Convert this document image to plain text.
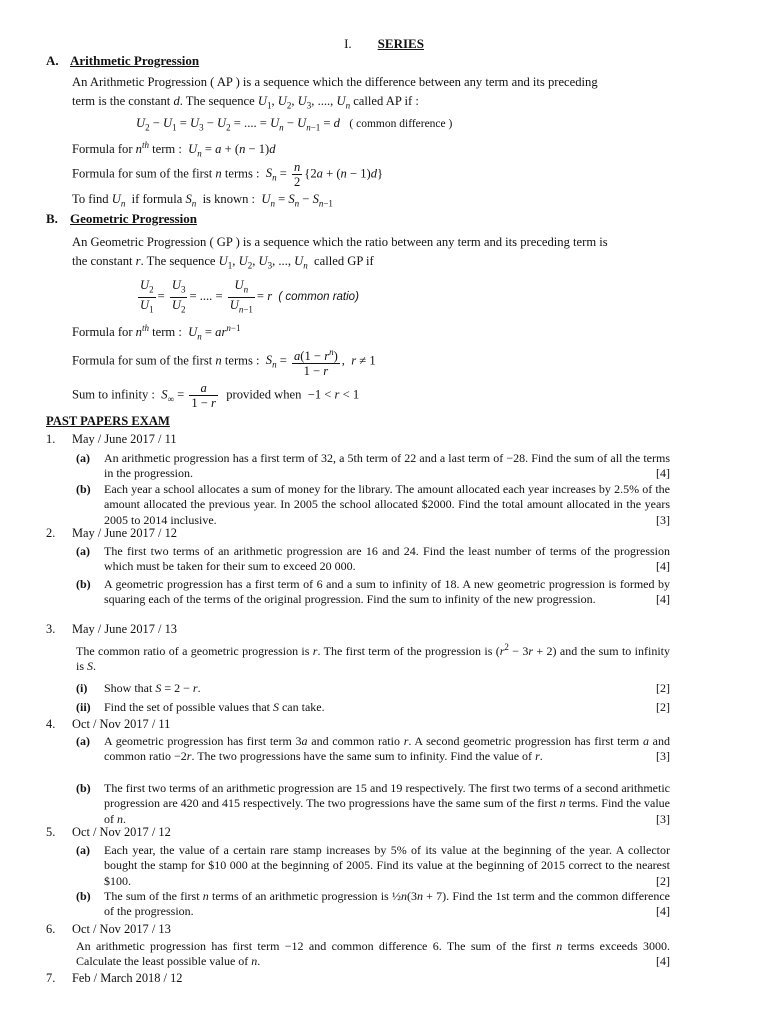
I. SERIES
A. Arithmetic Progression
An Arithmetic Progression ( AP ) is a sequence which the difference between any term and its preceding
term is the constant d. The sequence $U_1$, $U_2$, $U_3$, ...., $U_n$ called AP if :
$U_2 - U_1 = U_3 - U_2$ = .... = $U_n - U_{n-1} = d$ ( common difference )
Formula for $n^{th}$ term :  $U_n = a + (n - 1)d$
Formula for sum of the first n terms :  $S_n = \frac{n}{2} \{2a + (n - 1)d\}$
To find $U_n$  if formula $S_n$  is known :  $U_n = S_n - S_{n-1}$
B. Geometric Progression
An Geometric Progression ( GP ) is a sequence which the ratio between any term and its preceding term is
the constant r. The sequence $U_1$, $U_2$, $U_3$, ..., $U_n$  called GP if
$\frac{U_2}{U_1} = \frac{U_3}{U_2}$ = .... = $\frac{U_n}{U_{n-1}} = r$ ( common ratio)
Formula for $n^{th}$ term :  $U_n = ar^{n-1}$
Formula for sum of the first n terms :  $S_n = \frac{a(1 - r^n)}{1 - r}$ ,  r ≠ 1
Sum to infinity :  $S_\infty = \frac{a}{1 - r}$ provided when  −1 < r < 1
PAST PAPERS EXAM
1. May / June 2017 / 11
(a) An arithmetic progression has a first term of 32, a 5th term of 22 and a last term of −28. Find the sum of all the terms in the progression.	[4]
(b) Each year a school allocates a sum of money for the library. The amount allocated each year increases by 2.5% of the amount allocated the previous year. In 2005 the school allocated $2000. Find the total amount allocated in the years 2005 to 2014 inclusive.	[3]
2. May / June 2017 / 12
(a) The first two terms of an arithmetic progression are 16 and 24. Find the least number of terms of the progression which must be taken for their sum to exceed 20 000.	[4]
(b) A geometric progression has a first term of 6 and a sum to infinity of 18. A new geometric progression is formed by squaring each of the terms of the original progression. Find the sum to infinity of the new progression.	[4]
3. May / June 2017 / 13
The common ratio of a geometric progression is r. The first term of the progression is $(r^2 - 3r + 2)$ and the sum to infinity is S.
(i) Show that S = 2 − r.	[2]
(ii) Find the set of possible values that S can take.	[2]
4. Oct / Nov 2017 / 11
(a) A geometric progression has first term 3a and common ratio r. A second geometric progression has first term a and common ratio −2r. The two progressions have the same sum to infinity. Find the value of r.	[3]
(b) The first two terms of an arithmetic progression are 15 and 19 respectively. The first two terms of a second arithmetic progression are 420 and 415 respectively. The two progressions have the same sum of the first n terms. Find the value of n.	[3]
5. Oct / Nov 2017 / 12
(a) Each year, the value of a certain rare stamp increases by 5% of its value at the beginning of the year. A collector bought the stamp for $10 000 at the beginning of 2005. Find its value at the beginning of 2015 correct to the nearest $100.	[2]
(b) The sum of the first n terms of an arithmetic progression is ½n(3n + 7). Find the 1st term and the common difference of the progression.	[4]
6. Oct / Nov 2017 / 13
An arithmetic progression has first term −12 and common difference 6. The sum of the first n terms exceeds 3000. Calculate the least possible value of n.	[4]
7. Feb / March 2018 / 12
